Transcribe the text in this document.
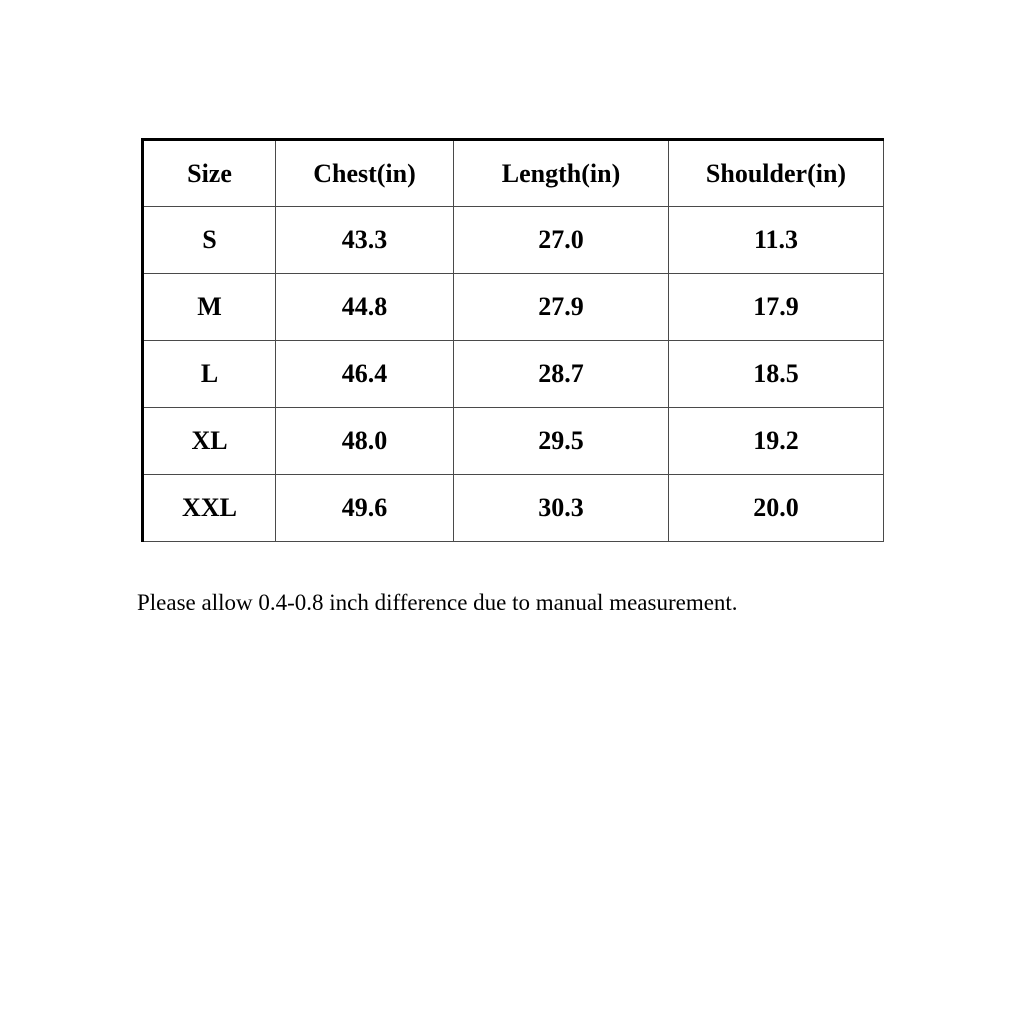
Size	Chest(in)	Length(in)	Shoulder(in)
S	43.3	27.0	11.3
M	44.8	27.9	17.9
L	46.4	28.7	18.5
XL	48.0	29.5	19.2
XXL	49.6	30.3	20.0
Please allow 0.4-0.8 inch difference due to manual measurement.
